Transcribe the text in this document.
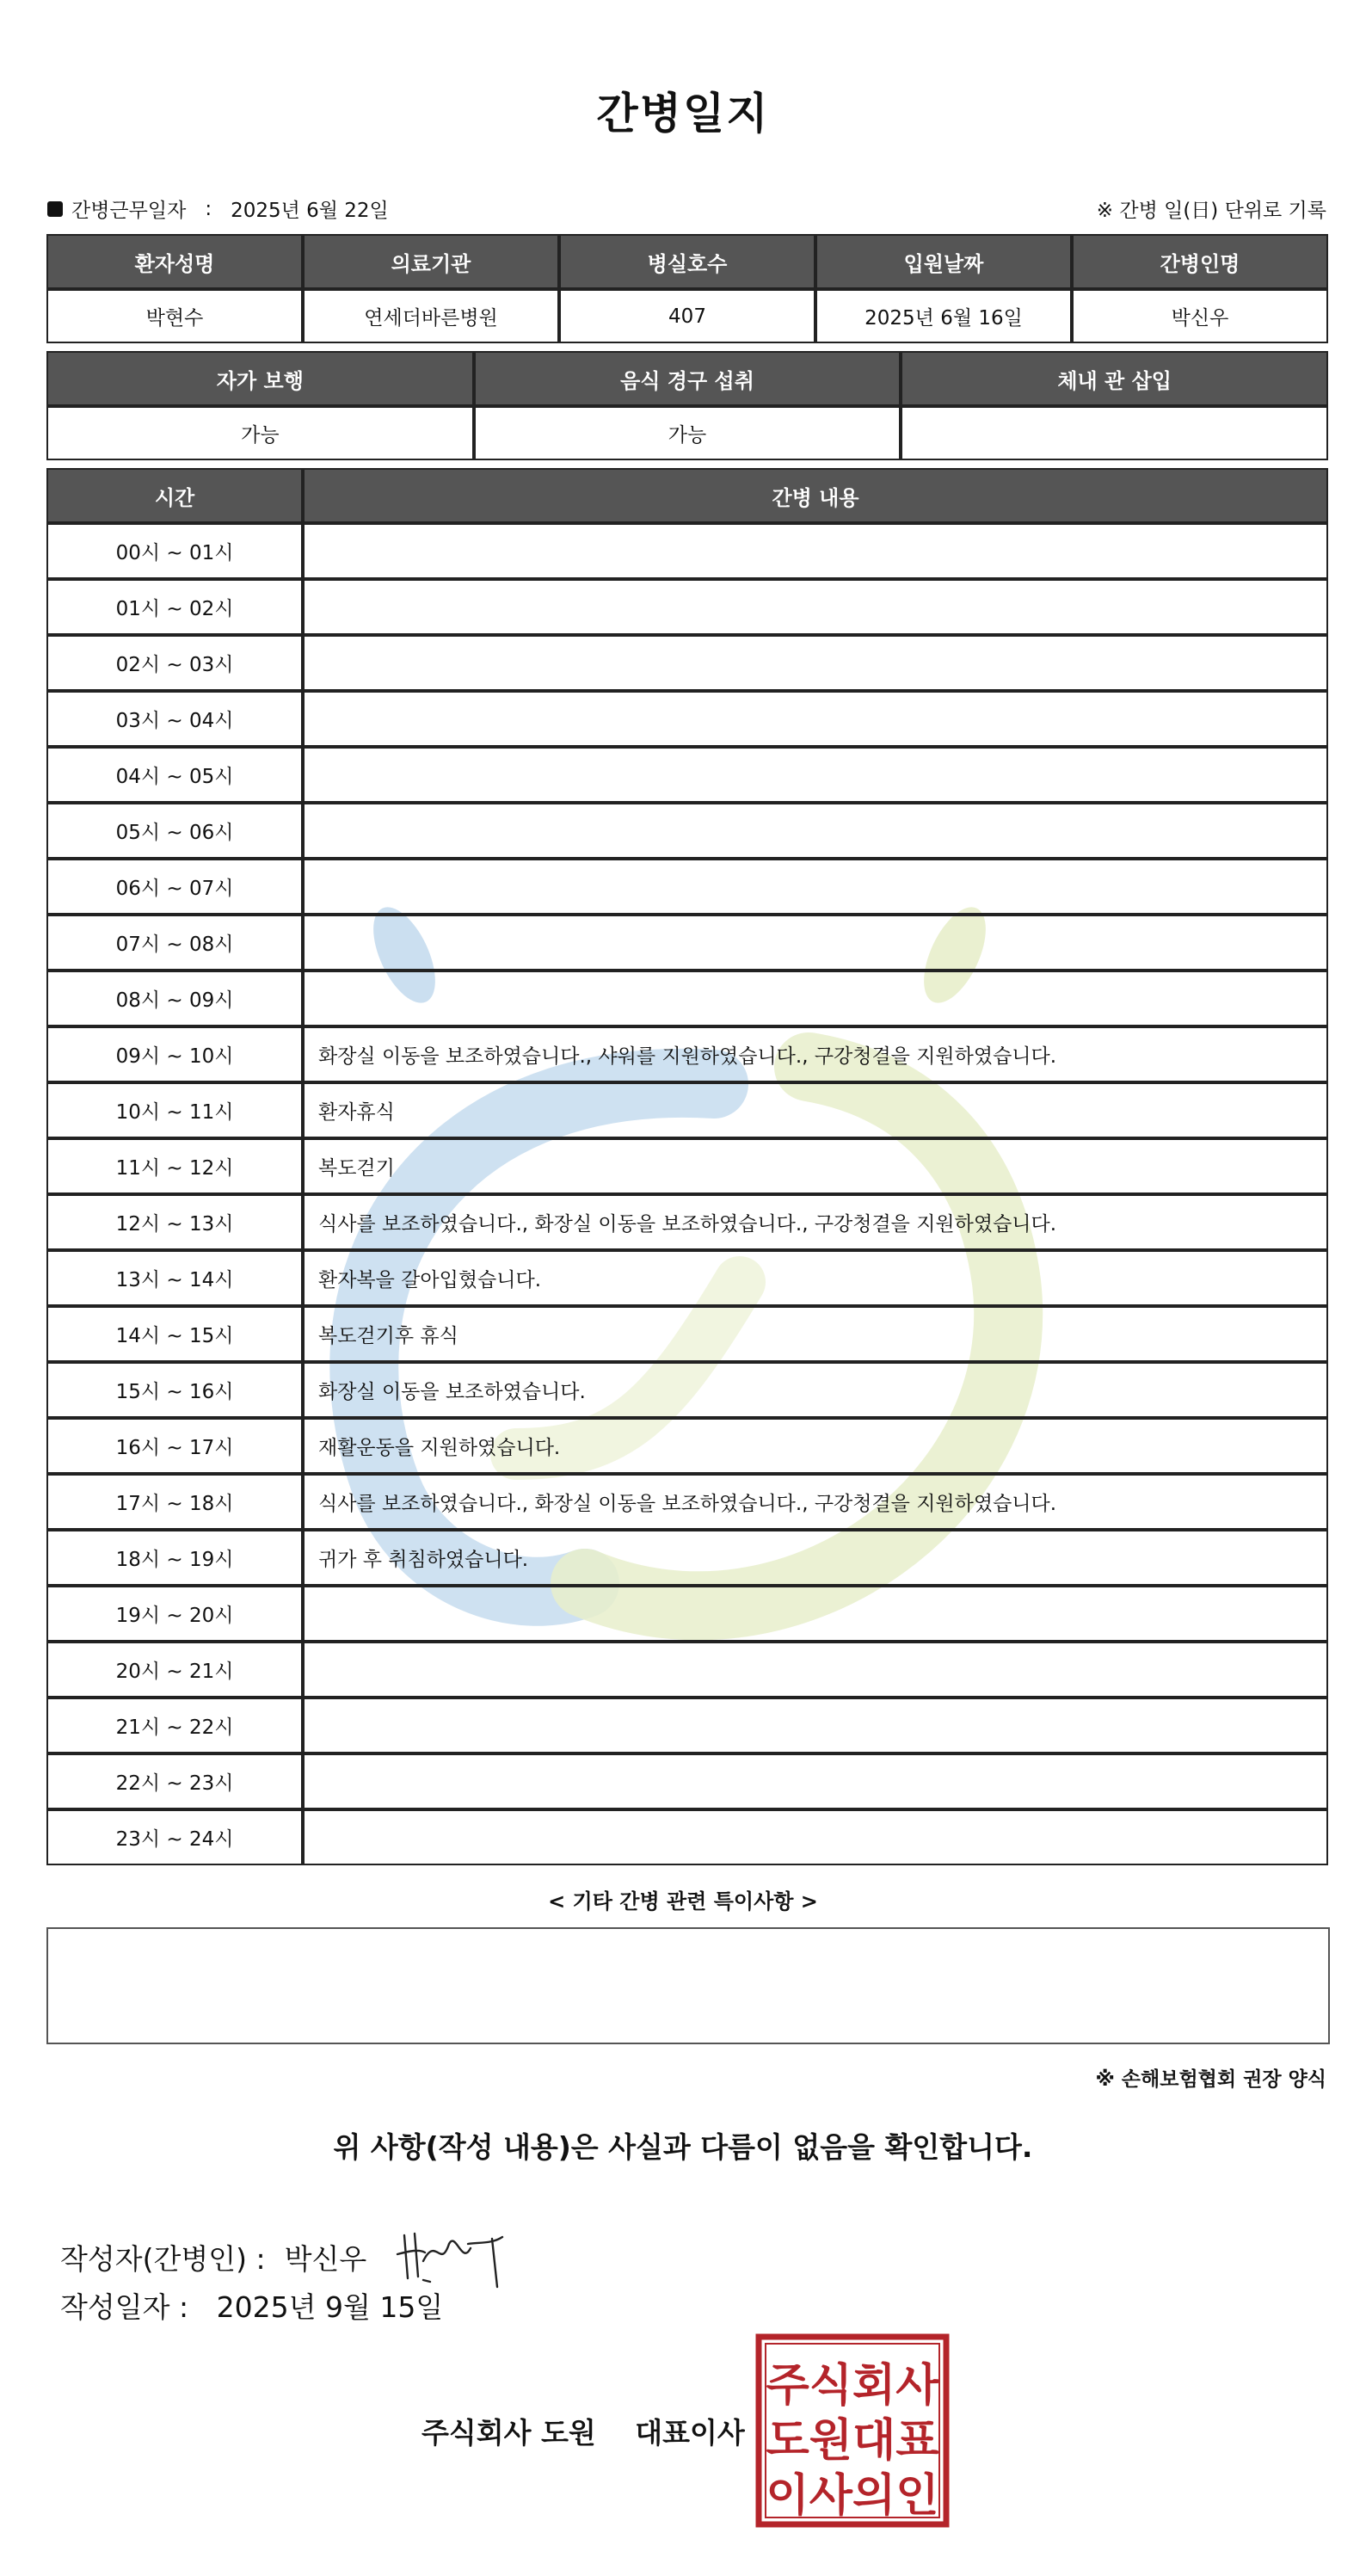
간병일지
간병근무일자 : 2025년 6월 22일	※ 간병 일(日) 단위로 기록
환자성명	의료기관	병실호수	입원날짜	간병인명
박현수	연세더바른병원	407	2025년 6월 16일	박신우
자가 보행	음식 경구 섭취	체내 관 삽입
가능	가능	
시간	간병 내용
00시 ~ 01시	
01시 ~ 02시	
02시 ~ 03시	
03시 ~ 04시	
04시 ~ 05시	
05시 ~ 06시	
06시 ~ 07시	
07시 ~ 08시	
08시 ~ 09시	
09시 ~ 10시	화장실 이동을 보조하였습니다., 샤워를 지원하였습니다., 구강청결을 지원하였습니다.
10시 ~ 11시	환자휴식
11시 ~ 12시	복도걷기
12시 ~ 13시	식사를 보조하였습니다., 화장실 이동을 보조하였습니다., 구강청결을 지원하였습니다.
13시 ~ 14시	환자복을 갈아입혔습니다.
14시 ~ 15시	복도걷기후 휴식
15시 ~ 16시	화장실 이동을 보조하였습니다.
16시 ~ 17시	재활운동을 지원하였습니다.
17시 ~ 18시	식사를 보조하였습니다., 화장실 이동을 보조하였습니다., 구강청결을 지원하였습니다.
18시 ~ 19시	귀가 후 취침하였습니다.
19시 ~ 20시	
20시 ~ 21시	
21시 ~ 22시	
22시 ~ 23시	
23시 ~ 24시	
< 기타 간병 관련 특이사항 >
※ 손해보험협회 권장 양식
위 사항(작성 내용)은 사실과 다름이 없음을 확인합니다.
작성자(간병인) : 박신우
작성일자 : 2025년 9월 15일
주식회사 도원 대표이사
주식회사
도원대표
이사의인
